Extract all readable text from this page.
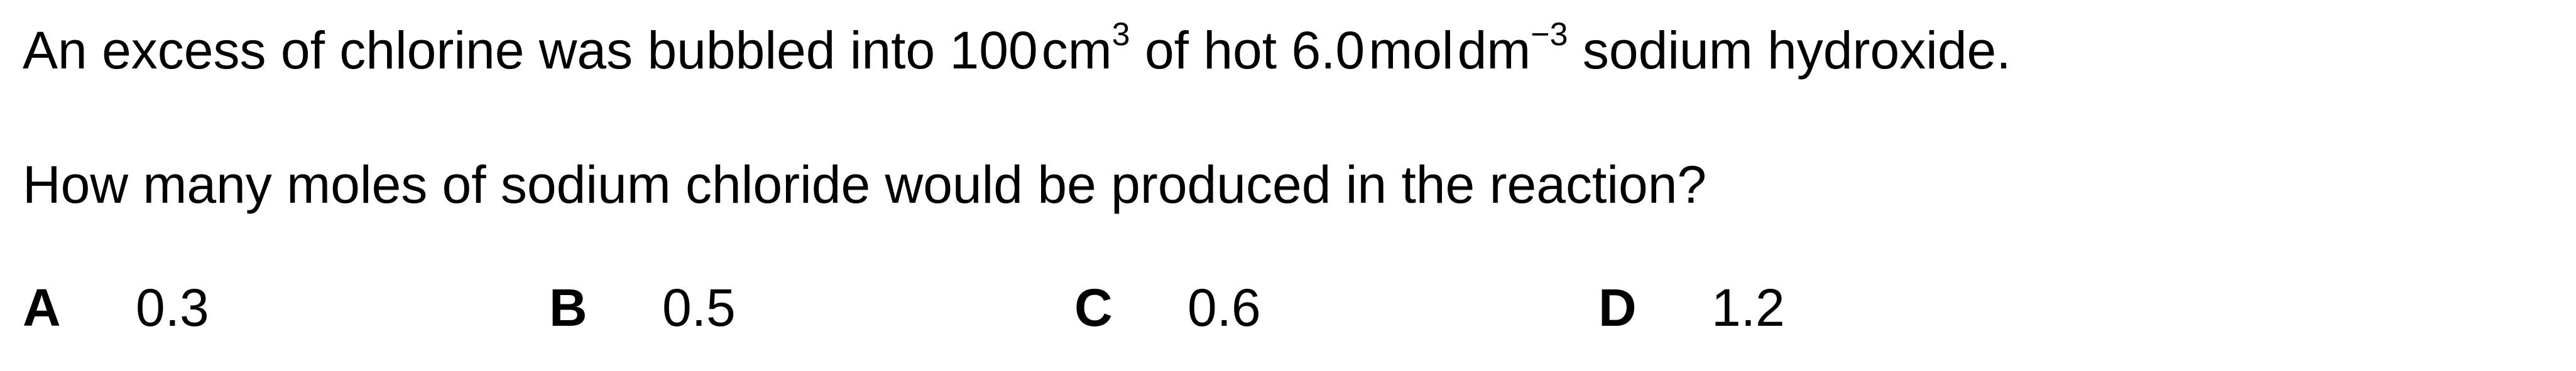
An excess of chlorine was bubbled into $100cm^3$ of hot 6.0moldm$^{-3}$ sodium hydroxide.
How many moles of sodium chloride would be produced in the reaction?
A 0.3	B 0.5	C 0.6	D 1.2
